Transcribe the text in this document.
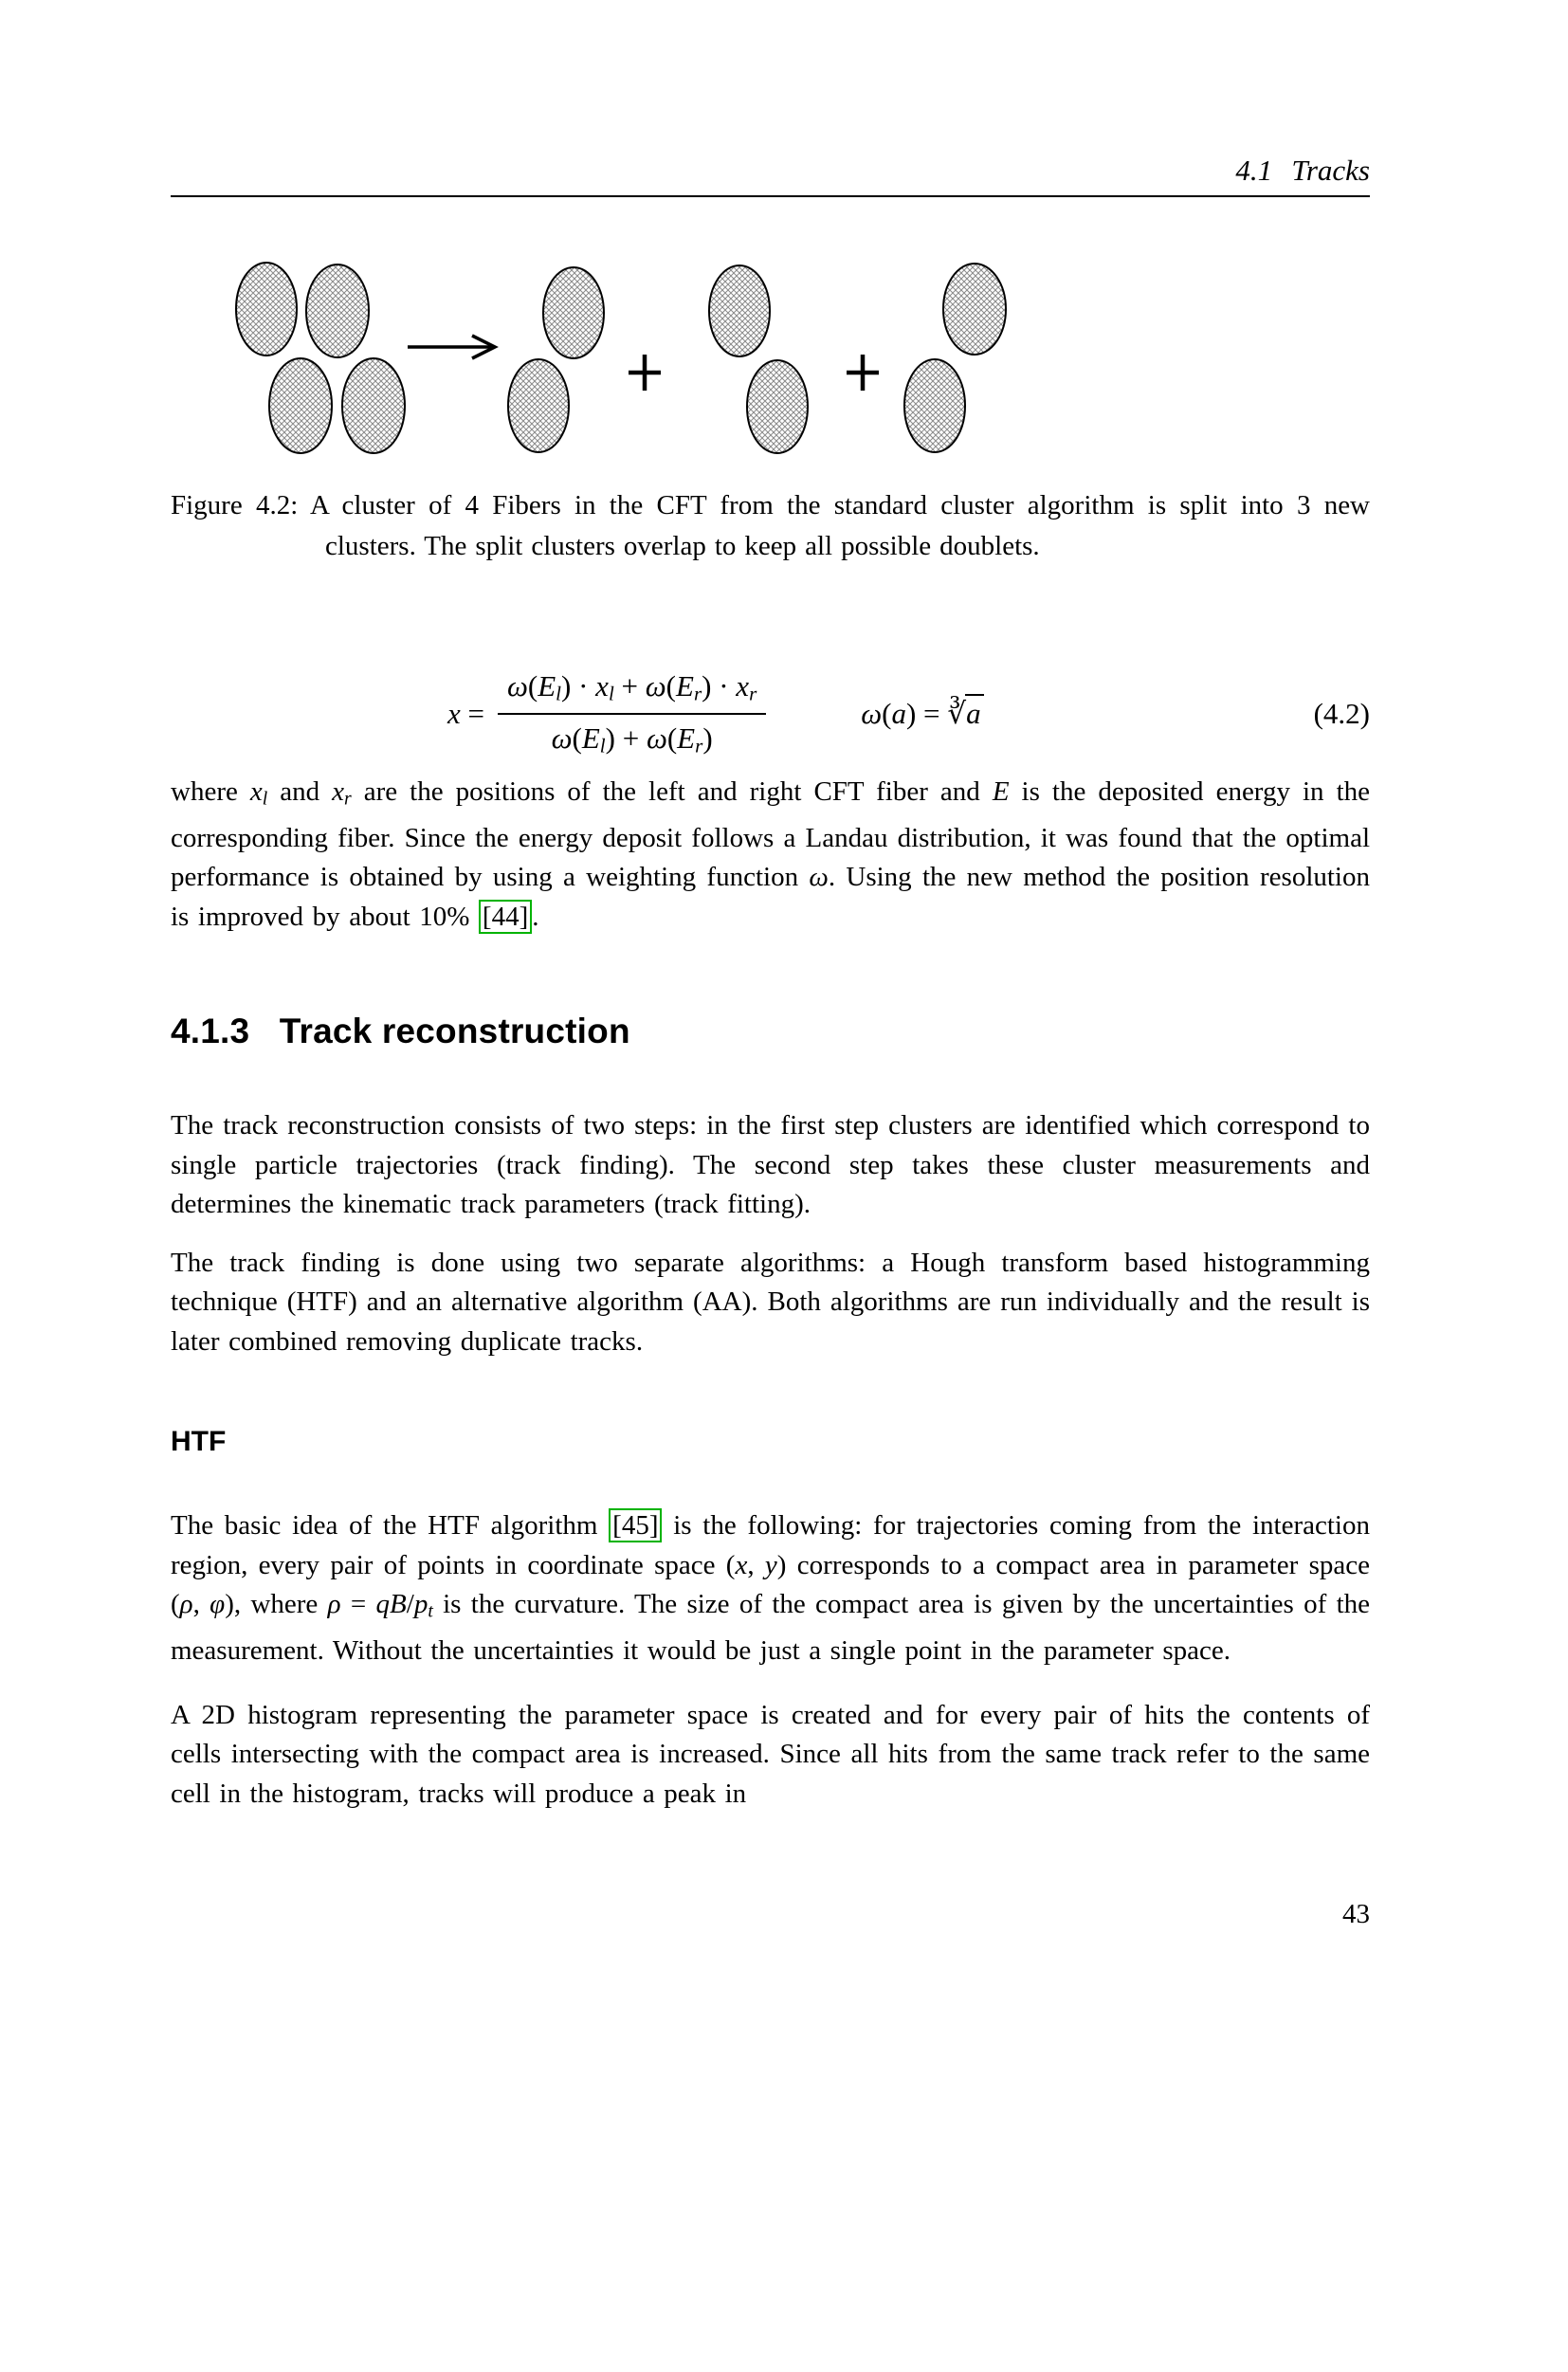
4.1 Tracks
Figure 4.2: A cluster of 4 Fibers in the CFT from the standard cluster algorithm is split into 3 new clusters. The split clusters overlap to keep all possible doublets.
$x = \frac{\omega(El) \cdot xl + \omega(Er) \cdot xr}{\omega(El) + \omega(Er)}$	ω(a) = ∛a	(4.2)

where xl and xr are the positions of the left and right CFT fiber and E is the deposited energy in the corresponding fiber. Since the energy deposit follows a Landau distribution, it was found that the optimal performance is obtained by using a weighting function ω. Using the new method the position resolution is improved by about 10% [44] .

4.1.3 Track reconstruction

The track reconstruction consists of two steps: in the first step clusters are identified which correspond to single particle trajectories (track finding). The second step takes these cluster measurements and determines the kinematic track parameters (track fitting).

The track finding is done using two separate algorithms: a Hough transform based histogramming technique (HTF) and an alternative algorithm (AA). Both algorithms are run individually and the result is later combined removing duplicate tracks.

HTF

The basic idea of the HTF algorithm [45] is the following: for trajectories coming from the interaction region, every pair of points in coordinate space (x, y) corresponds to a compact area in parameter space (ρ, φ), where ρ = qB/pt is the curvature. The size of the compact area is given by the uncertainties of the measurement. Without the uncertainties it would be just a single point in the parameter space.

A 2D histogram representing the parameter space is created and for every pair of hits the contents of cells intersecting with the compact area is increased. Since all hits from the same track refer to the same cell in the histogram, tracks will produce a peak in

43
